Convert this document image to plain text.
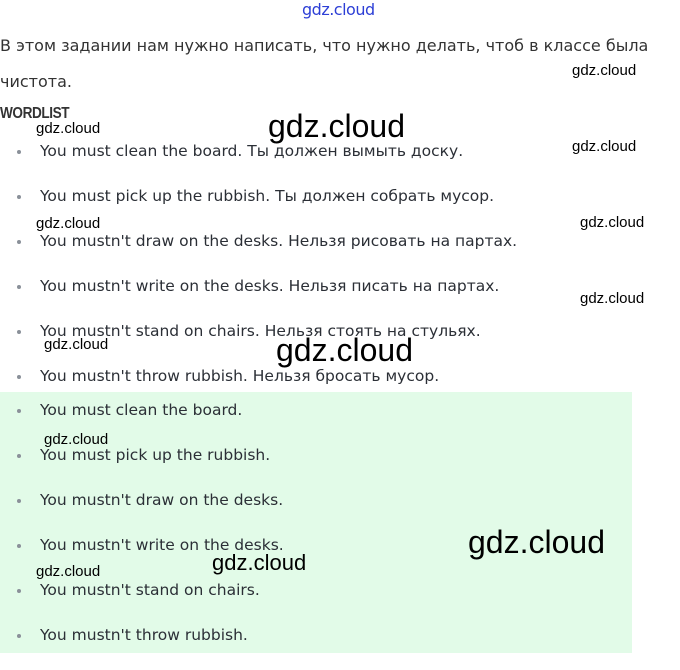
gdz.cloud
В этом задании нам нужно написать, что нужно делать, чтоб в классе была чистота.
WORDLIST
You must clean the board. Ты должен вымыть доску.
You must pick up the rubbish. Ты должен собрать мусор.
You mustn't draw on the desks. Нельзя рисовать на партах.
You mustn't write on the desks. Нельзя писать на партах.
You mustn't stand on chairs. Нельзя стоять на стульях.
You mustn't throw rubbish. Нельзя бросать мусор.
You must clean the board.
You must pick up the rubbish.
You mustn't draw on the desks.
You mustn't write on the desks.
You mustn't stand on chairs.
You mustn't throw rubbish.
gdz.cloud
gdz.cloud	gdz.cloud
gdz.cloud
gdz.cloud	gdz.cloud
gdz.cloud
gdz.cloud	gdz.cloud
gdz.cloud
gdz.cloud
gdz.cloud
gdz.cloud
